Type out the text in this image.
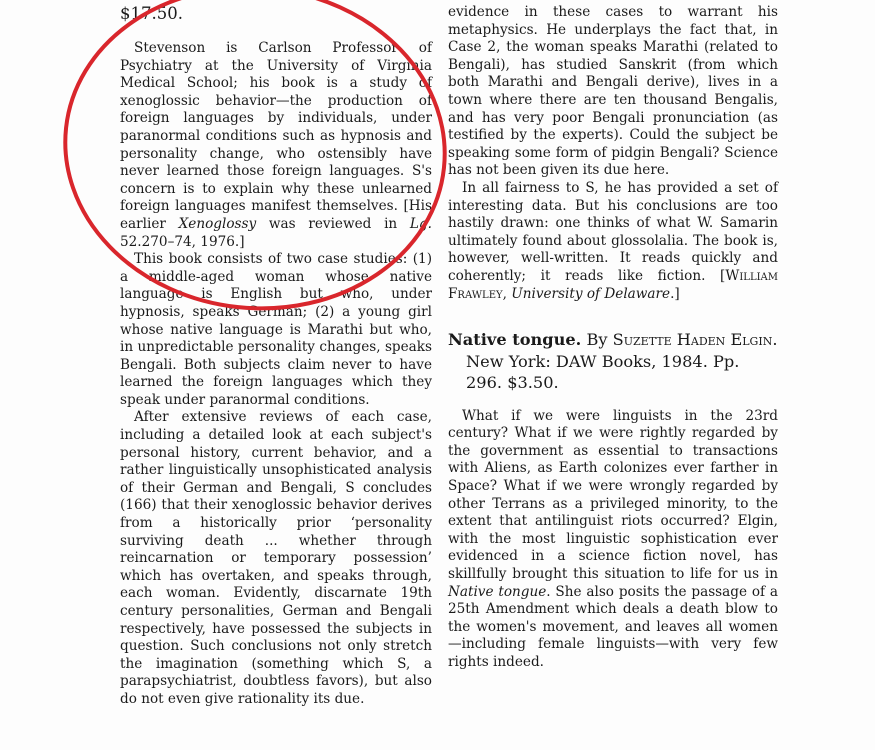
$17.50.

Stevenson is Carlson Professor of Psychiatry at the University of Virginia Medical School; his book is a study of xenoglossic behavior—the production of foreign languages by individuals, under paranormal conditions such as hypnosis and personality change, who ostensibly have never learned those foreign languages. S's concern is to explain why these unlearned foreign languages manifest themselves. [His earlier Xenoglossy was reviewed in Lg. 52.270–74, 1976.]

This book consists of two case studies: (1) a middle-aged woman whose native language is English but who, under hypnosis, speaks German; (2) a young girl whose native language is Marathi but who, in unpredictable personality changes, speaks Bengali. Both subjects claim never to have learned the foreign languages which they speak under paranormal conditions.

After extensive reviews of each case, including a detailed look at each subject's personal history, current behavior, and a rather linguistically unsophisticated analysis of their German and Bengali, S concludes (166) that their xenoglossic behavior derives from a historically prior ‘personality surviving death ... whether through reincarnation or temporary possession’ which has overtaken, and speaks through, each woman. Evidently, discarnate 19th century personalities, German and Bengali respectively, have possessed the subjects in question. Such conclusions not only stretch the imagination (something which S, a parapsychiatrist, doubtless favors), but also do not even give rationality its due.

evidence in these cases to warrant his metaphysics. He underplays the fact that, in Case 2, the woman speaks Marathi (related to Bengali), has studied Sanskrit (from which both Marathi and Bengali derive), lives in a town where there are ten thousand Bengalis, and has very poor Bengali pronunciation (as testified by the experts). Could the subject be speaking some form of pidgin Bengali? Science has not been given its due here.

In all fairness to S, he has provided a set of interesting data. But his conclusions are too hastily drawn: one thinks of what W. Samarin ultimately found about glossolalia. The book is, however, well-written. It reads quickly and coherently; it reads like fiction. [William Frawley, University of Delaware.]

Native tongue. By Suzette Haden Elgin. New York: DAW Books, 1984. Pp. 296. $3.50.

What if we were linguists in the 23rd century? What if we were rightly regarded by the government as essential to transactions with Aliens, as Earth colonizes ever farther in Space? What if we were wrongly regarded by other Terrans as a privileged minority, to the extent that antilinguist riots occurred? Elgin, with the most linguistic sophistication ever evidenced in a science fiction novel, has skillfully brought this situation to life for us in Native tongue. She also posits the passage of a 25th Amendment which deals a death blow to the women's movement, and leaves all women—including female linguists—with very few rights indeed.
